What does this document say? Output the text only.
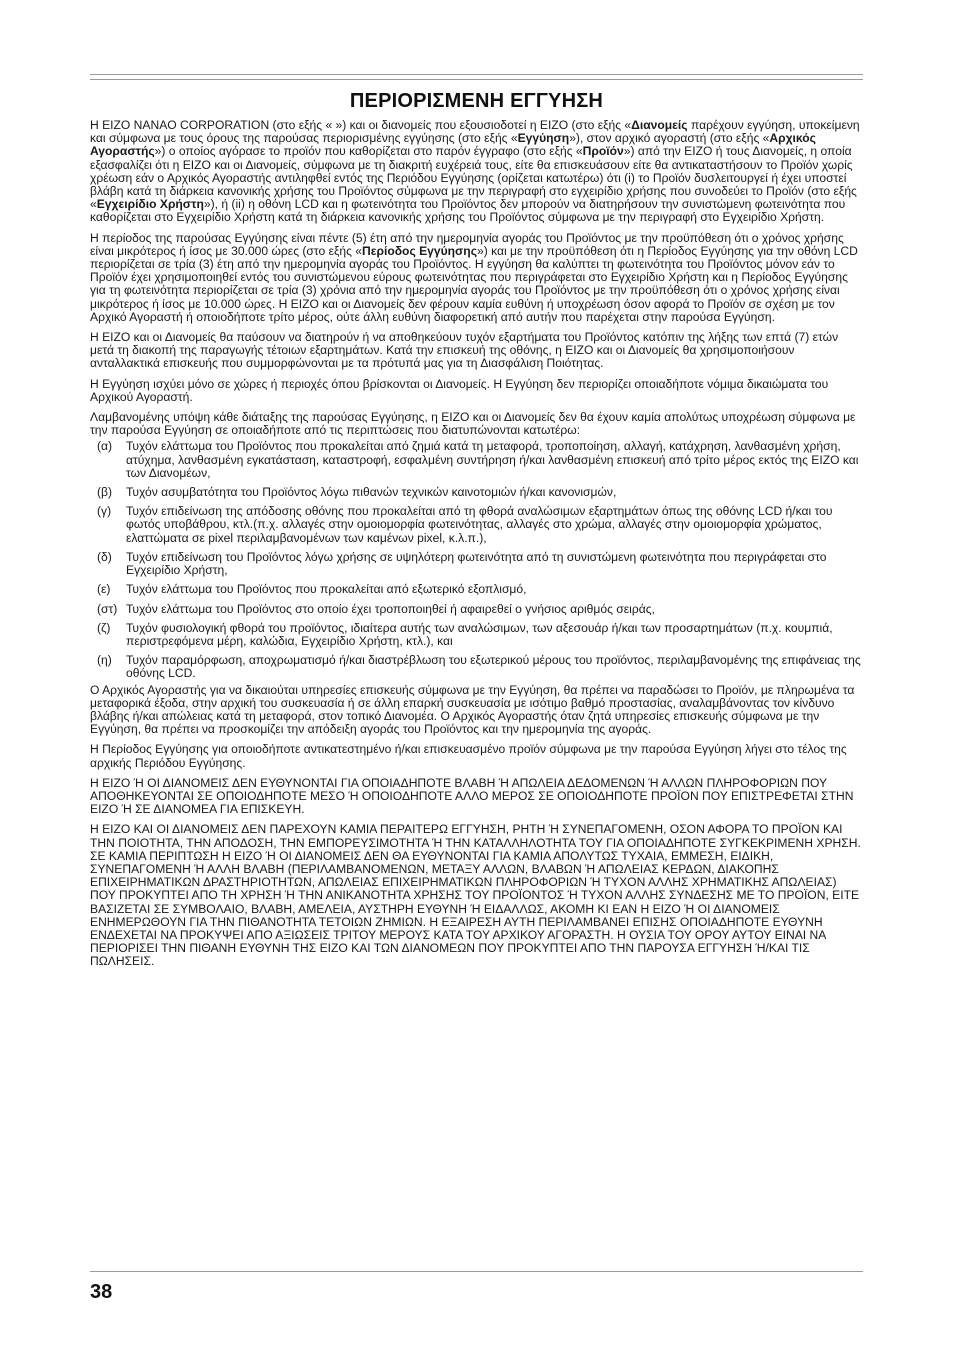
ΠΕΡΙΟΡΙΣΜΕΝΗ ΕΓΓΥΗΣΗ

Η EIZO NANAO CORPORATION (στο εξής « ») και οι διανομείς που εξουσιοδοτεί η EIZO (στο εξής «Διανομείς παρέχουν εγγύηση, υποκείμενη και σύμφωνα με τους όρους της παρούσας περιορισμένης εγγύησης (στο εξής «Εγγύηση»), στον αρχικό αγοραστή (στο εξής «Αρχικός Αγοραστής») ο οποίος αγόρασε το προϊόν που καθορίζεται στο παρόν έγγραφο (στο εξής «Προϊόν») από την EIZO ή τους Διανομείς, η οποία εξασφαλίζει ότι η EIZO και οι Διανομείς, σύμφωνα με τη διακριτή ευχέρειά τους, είτε θα επισκευάσουν είτε θα αντικαταστήσουν το Προϊόν χωρίς χρέωση εάν ο Αρχικός Αγοραστής αντιληφθεί εντός της Περιόδου Εγγύησης (ορίζεται κατωτέρω) ότι (i) το Προϊόν δυσλειτουργεί ή έχει υποστεί βλάβη κατά τη διάρκεια κανονικής χρήσης του Προϊόντος σύμφωνα με την περιγραφή στο εγχειρίδιο χρήσης που συνοδεύει το Προϊόν (στο εξής «Εγχειρίδιο Χρήστη»), ή (ii) η οθόνη LCD και η φωτεινότητα του Προϊόντος δεν μπορούν να διατηρήσουν την συνιστώμενη φωτεινότητα που καθορίζεται στο Εγχειρίδιο Χρήστη κατά τη διάρκεια κανονικής χρήσης του Προϊόντος σύμφωνα με την περιγραφή στο Εγχειρίδιο Χρήστη.

Η περίοδος της παρούσας Εγγύησης είναι πέντε (5) έτη από την ημερομηνία αγοράς του Προϊόντος με την προϋπόθεση ότι ο χρόνος χρήσης είναι μικρότερος ή ίσος με 30.000 ώρες (στο εξής «Περίοδος Εγγύησης») και με την προϋπόθεση ότι η Περίοδος Εγγύησης για την οθόνη LCD περιορίζεται σε τρία (3) έτη από την ημερομηνία αγοράς του Προϊόντος. Η εγγύηση θα καλύπτει τη φωτεινότητα του Προϊόντος μόνον εάν το Προϊόν έχει χρησιμοποιηθεί εντός του συνιστώμενου εύρους φωτεινότητας που περιγράφεται στο Εγχειρίδιο Χρήστη και η Περίοδος Εγγύησης για τη φωτεινότητα περιορίζεται σε τρία (3) χρόνια από την ημερομηνία αγοράς του Προϊόντος με την προϋπόθεση ότι ο χρόνος χρήσης είναι μικρότερος ή ίσος με 10.000 ώρες. Η EIZO και οι Διανομείς δεν φέρουν καμία ευθύνη ή υποχρέωση όσον αφορά το Προϊόν σε σχέση με τον Αρχικό Αγοραστή ή οποιοδήποτε τρίτο μέρος, ούτε άλλη ευθύνη διαφορετική από αυτήν που παρέχεται στην παρούσα Εγγύηση.

Η EIZO και οι Διανομείς θα παύσουν να διατηρούν ή να αποθηκεύουν τυχόν εξαρτήματα του Προϊόντος κατόπιν της λήξης των επτά (7) ετών μετά τη διακοπή της παραγωγής τέτοιων εξαρτημάτων. Κατά την επισκευή της οθόνης, η EIZO και οι Διανομείς θα χρησιμοποιήσουν ανταλλακτικά επισκευής που συμμορφώνονται με τα πρότυπά μας για τη Διασφάλιση Ποιότητας.

Η Εγγύηση ισχύει μόνο σε χώρες ή περιοχές όπου βρίσκονται οι Διανομείς. Η Εγγύηση δεν περιορίζει οποιαδήποτε νόμιμα δικαιώματα του Αρχικού Αγοραστή.

Λαμβανομένης υπόψη κάθε διάταξης της παρούσας Εγγύησης, η EIZO και οι Διανομείς δεν θα έχουν καμία απολύτως υποχρέωση σύμφωνα με την παρούσα Εγγύηση σε οποιαδήποτε από τις περιπτώσεις που διατυπώνονται κατωτέρω:

(α)	Τυχόν ελάττωμα του Προϊόντος που προκαλείται από ζημιά κατά τη μεταφορά, τροποποίηση, αλλαγή, κατάχρηση, λανθασμένη χρήση, ατύχημα, λανθασμένη εγκατάσταση, καταστροφή, εσφαλμένη συντήρηση ή/και λανθασμένη επισκευή από τρίτο μέρος εκτός της EIZO και των Διανομέων,
(β)	Τυχόν ασυμβατότητα του Προϊόντος λόγω πιθανών τεχνικών καινοτομιών ή/και κανονισμών,
(γ)	Τυχόν επιδείνωση της απόδοσης οθόνης που προκαλείται από τη φθορά αναλώσιμων εξαρτημάτων όπως της οθόνης LCD ή/και του φωτός υποβάθρου, κτλ.(π.χ. αλλαγές στην ομοιομορφία φωτεινότητας, αλλαγές στο χρώμα, αλλαγές στην ομοιομορφία χρώματος, ελαττώματα σε pixel περιλαμβανομένων των καμένων pixel, κ.λ.π.),
(δ)	Τυχόν επιδείνωση του Προϊόντος λόγω χρήσης σε υψηλότερη φωτεινότητα από τη συνιστώμενη φωτεινότητα που περιγράφεται στο Εγχειρίδιο Χρήστη,
(ε)	Τυχόν ελάττωμα του Προϊόντος που προκαλείται από εξωτερικό εξοπλισμό,
(στ) Τυχόν ελάττωμα του Προϊόντος στο οποίο έχει τροποποιηθεί ή αφαιρεθεί ο γνήσιος αριθμός σειράς,
(ζ)	Τυχόν φυσιολογική φθορά του προϊόντος, ιδιαίτερα αυτής των αναλώσιμων, των αξεσουάρ ή/και των προσαρτημάτων (π.χ. κουμπιά, περιστρεφόμενα μέρη, καλώδια, Εγχειρίδιο Χρήστη, κτλ.), και
(η)	Τυχόν παραμόρφωση, αποχρωματισμό ή/και διαστρέβλωση του εξωτερικού μέρους του προϊόντος, περιλαμβανομένης της επιφάνειας της οθόνης LCD.

Ο Αρχικός Αγοραστής για να δικαιούται υπηρεσίες επισκευής σύμφωνα με την Εγγύηση, θα πρέπει να παραδώσει το Προϊόν, με πληρωμένα τα μεταφορικά έξοδα, στην αρχική του συσκευασία ή σε άλλη επαρκή συσκευασία με ισότιμο βαθμό προστασίας, αναλαμβάνοντας τον κίνδυνο βλάβης ή/και απώλειας κατά τη μεταφορά, στον τοπικό Διανομέα. Ο Αρχικός Αγοραστής όταν ζητά υπηρεσίες επισκευής σύμφωνα με την Εγγύηση, θα πρέπει να προσκομίζει την απόδειξη αγοράς του Προϊόντος και την ημερομηνία της αγοράς.

Η Περίοδος Εγγύησης για οποιοδήποτε αντικατεστημένο ή/και επισκευασμένο προϊόν σύμφωνα με την παρούσα Εγγύηση λήγει στο τέλος της αρχικής Περιόδου Εγγύησης.

Η EIZO Ή ΟΙ ΔΙΑΝΟΜΕΙΣ ΔΕΝ ΕΥΘΥΝΟΝΤΑΙ ΓΙΑ ΟΠΟΙΑΔΗΠΟΤΕ ΒΛΑΒΗ Ή ΑΠΩΛΕΙΑ ΔΕΔΟΜΕΝΩΝ Ή ΑΛΛΩΝ ΠΛΗΡΟΦΟΡΙΩΝ ΠΟΥ ΑΠΟΘΗΚΕΥΟΝΤΑΙ ΣΕ ΟΠΟΙΟΔΗΠΟΤΕ ΜΕΣΟ Ή ΟΠΟΙΟΔΗΠΟΤΕ ΑΛΛΟ ΜΕΡΟΣ ΣΕ ΟΠΟΙΟΔΗΠΟΤΕ ΠΡΟΪΟΝ ΠΟΥ ΕΠΙΣΤΡΕΦΕΤΑΙ ΣΤΗΝ EIZO Ή ΣΕ ΔΙΑΝΟΜΕΑ ΓΙΑ ΕΠΙΣΚΕΥΗ.

Η EIZO ΚΑΙ ΟΙ ΔΙΑΝΟΜΕΙΣ ΔΕΝ ΠΑΡΕΧΟΥΝ ΚΑΜΙΑ ΠΕΡΑΙΤΕΡΩ ΕΓΓΥΗΣΗ, ΡΗΤΗ Ή ΣΥΝΕΠΑΓΟΜΕΝΗ, ΟΣΟΝ ΑΦΟΡΑ ΤΟ ΠΡΟΪΟΝ ΚΑΙ ΤΗΝ ΠΟΙΟΤΗΤΑ, ΤΗΝ ΑΠΟΔΟΣΗ, ΤΗΝ ΕΜΠΟΡΕΥΣΙΜΟΤΗΤΑ Ή ΤΗΝ ΚΑΤΑΛΛΗΛΟΤΗΤΑ ΤΟΥ ΓΙΑ ΟΠΟΙΑΔΗΠΟΤΕ ΣΥΓΚΕΚΡΙΜΕΝΗ ΧΡΗΣΗ. ΣΕ ΚΑΜΙΑ ΠΕΡΙΠΤΩΣΗ Η EIZO Ή ΟΙ ΔΙΑΝΟΜΕΙΣ ΔΕΝ ΘΑ ΕΥΘΥΝΟΝΤΑΙ ΓΙΑ ΚΑΜΙΑ ΑΠΟΛΥΤΩΣ ΤΥΧΑΙΑ, ΕΜΜΕΣΗ, ΕΙΔΙΚΗ, ΣΥΝΕΠΑΓΟΜΕΝΗ Ή ΑΛΛΗ ΒΛΑΒΗ (ΠΕΡΙΛΑΜΒΑΝΟΜΕΝΩΝ, ΜΕΤΑΞΥ ΑΛΛΩΝ, ΒΛΑΒΩΝ Ή ΑΠΩΛΕΙΑΣ ΚΕΡΔΩΝ, ΔΙΑΚΟΠΗΣ ΕΠΙΧΕΙΡΗΜΑΤΙΚΩΝ ΔΡΑΣΤΗΡΙΟΤΗΤΩΝ, ΑΠΩΛΕΙΑΣ ΕΠΙΧΕΙΡΗΜΑΤΙΚΩΝ ΠΛΗΡΟΦΟΡΙΩΝ Ή ΤΥΧΟΝ ΑΛΛΗΣ ΧΡΗΜΑΤΙΚΗΣ ΑΠΩΛΕΙΑΣ) ΠΟΥ ΠΡΟΚΥΠΤΕΙ ΑΠΟ ΤΗ ΧΡΗΣΗ Ή ΤΗΝ ΑΝΙΚΑΝΟΤΗΤΑ ΧΡΗΣΗΣ ΤΟΥ ΠΡΟΪΟΝΤΟΣ Ή ΤΥΧΟΝ ΑΛΛΗΣ ΣΥΝΔΕΣΗΣ ΜΕ ΤΟ ΠΡΟΪΟΝ, ΕΙΤΕ ΒΑΣΙΖΕΤΑΙ ΣΕ ΣΥΜΒΟΛΑΙΟ, ΒΛΑΒΗ, ΑΜΕΛΕΙΑ, ΑΥΣΤΗΡΗ ΕΥΘΥΝΗ Ή ΕΙΔΑΛΛΩΣ, ΑΚΟΜΗ ΚΙ ΕΑΝ Η EIZO Ή ΟΙ ΔΙΑΝΟΜΕΙΣ ΕΝΗΜΕΡΩΘΟΥΝ ΓΙΑ ΤΗΝ ΠΙΘΑΝΟΤΗΤΑ ΤΕΤΟΙΩΝ ΖΗΜΙΩΝ. Η ΕΞΑΙΡΕΣΗ ΑΥΤΗ ΠΕΡΙΛΑΜΒΑΝΕΙ ΕΠΙΣΗΣ ΟΠΟΙΑΔΗΠΟΤΕ ΕΥΘΥΝΗ ΕΝΔΕΧΕΤΑΙ ΝΑ ΠΡΟΚΥΨΕΙ ΑΠΟ ΑΞΙΩΣΕΙΣ ΤΡΙΤΟΥ ΜΕΡΟΥΣ ΚΑΤΑ ΤΟΥ ΑΡΧΙΚΟΥ ΑΓΟΡΑΣΤΗ. Η ΟΥΣΙΑ ΤΟΥ ΟΡΟΥ ΑΥΤΟΥ ΕΙΝΑΙ ΝΑ ΠΕΡΙΟΡΙΣΕΙ ΤΗΝ ΠΙΘΑΝΗ ΕΥΘΥΝΗ ΤΗΣ EIZO ΚΑΙ ΤΩΝ ΔΙΑΝΟΜΕΩΝ ΠΟΥ ΠΡΟΚΥΠΤΕΙ ΑΠΟ ΤΗΝ ΠΑΡΟΥΣΑ ΕΓΓΥΗΣΗ Ή/ΚΑΙ ΤΙΣ ΠΩΛΗΣΕΙΣ.

38
